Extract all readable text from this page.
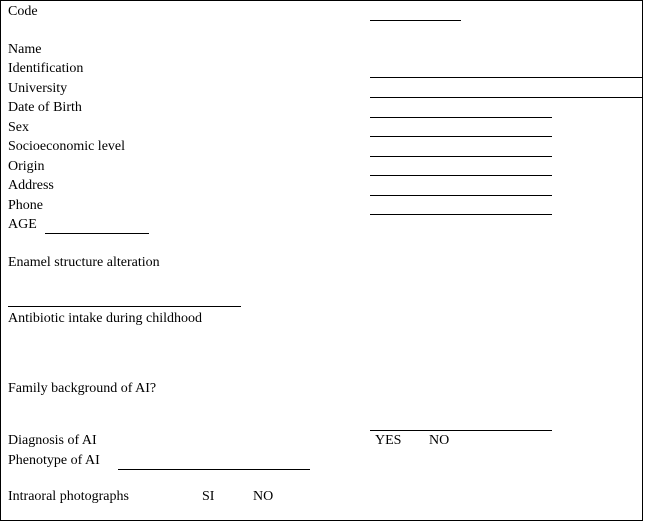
Code
Name
Identification
University
Date of Birth
Sex
Socioeconomic level
Origin
Address
Phone
AGE
Enamel structure alteration
Antibiotic intake during childhood
Family background of AI?
Diagnosis of AI	YES NO
Phenotype of AI
Intraoral photographs	SI	NO
